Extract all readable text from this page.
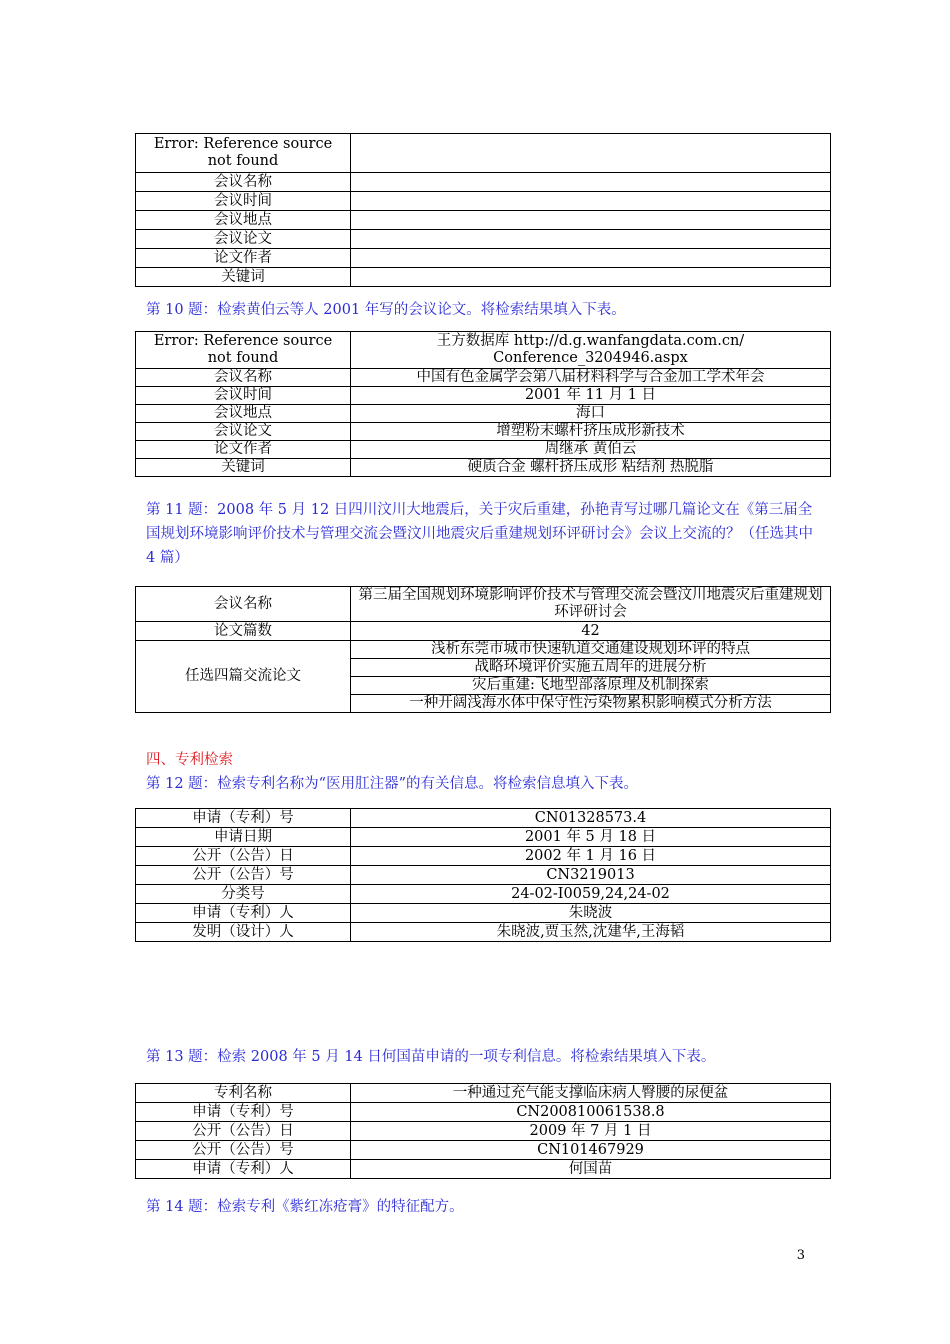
Error: Reference source not found	
会议名称	
会议时间	
会议地点	
会议论文	
论文作者	
关键词	
第 10 题：检索黄伯云等人 2001 年写的会议论文。将检索结果填入下表。
Error: Reference source not found	王方数据库 http://d.g.wanfangdata.com.cn/ Conference_3204946.aspx
会议名称	中国有色金属学会第八届材料科学与合金加工学术年会
会议时间	2001 年 11 月 1 日
会议地点	海口
会议论文	增塑粉末螺杆挤压成形新技术
论文作者	周继承 黄伯云
关键词	硬质合金 螺杆挤压成形 粘结剂 热脱脂
第 11 题：2008 年 5 月 12 日四川汶川大地震后，关于灾后重建，孙艳青写过哪几篇论文在《第三届全国规划环境影响评价技术与管理交流会暨汶川地震灾后重建规划环评研讨会》会议上交流的？（任选其中 4 篇）
会议名称	第三届全国规划环境影响评价技术与管理交流会暨汶川地震灾后重建规划环评研讨会
论文篇数	42
任选四篇交流论文	浅析东莞市城市快速轨道交通建设规划环评的特点
	战略环境评价实施五周年的进展分析
	灾后重建:飞地型部落原理及机制探索
	一种开阔浅海水体中保守性污染物累积影响模式分析方法
四、专利检索
第 12 题：检索专利名称为“医用肛注器”的有关信息。将检索信息填入下表。
申请（专利）号	CN01328573.4
申请日期	2001 年 5 月 18 日
公开（公告）日	2002 年 1 月 16 日
公开（公告）号	CN3219013
分类号	24-02-I0059,24,24-02
申请（专利）人	朱晓波
发明（设计）人	朱晓波,贾玉然,沈建华,王海韬
第 13 题：检索 2008 年 5 月 14 日何国苗申请的一项专利信息。将检索结果填入下表。
专利名称	一种通过充气能支撑临床病人臀腰的尿便盆
申请（专利）号	CN200810061538.8
公开（公告）日	2009 年 7 月 1 日
公开（公告）号	CN101467929
申请（专利）人	何国苗
第 14 题：检索专利《紫红冻疮膏》的特征配方。
3
